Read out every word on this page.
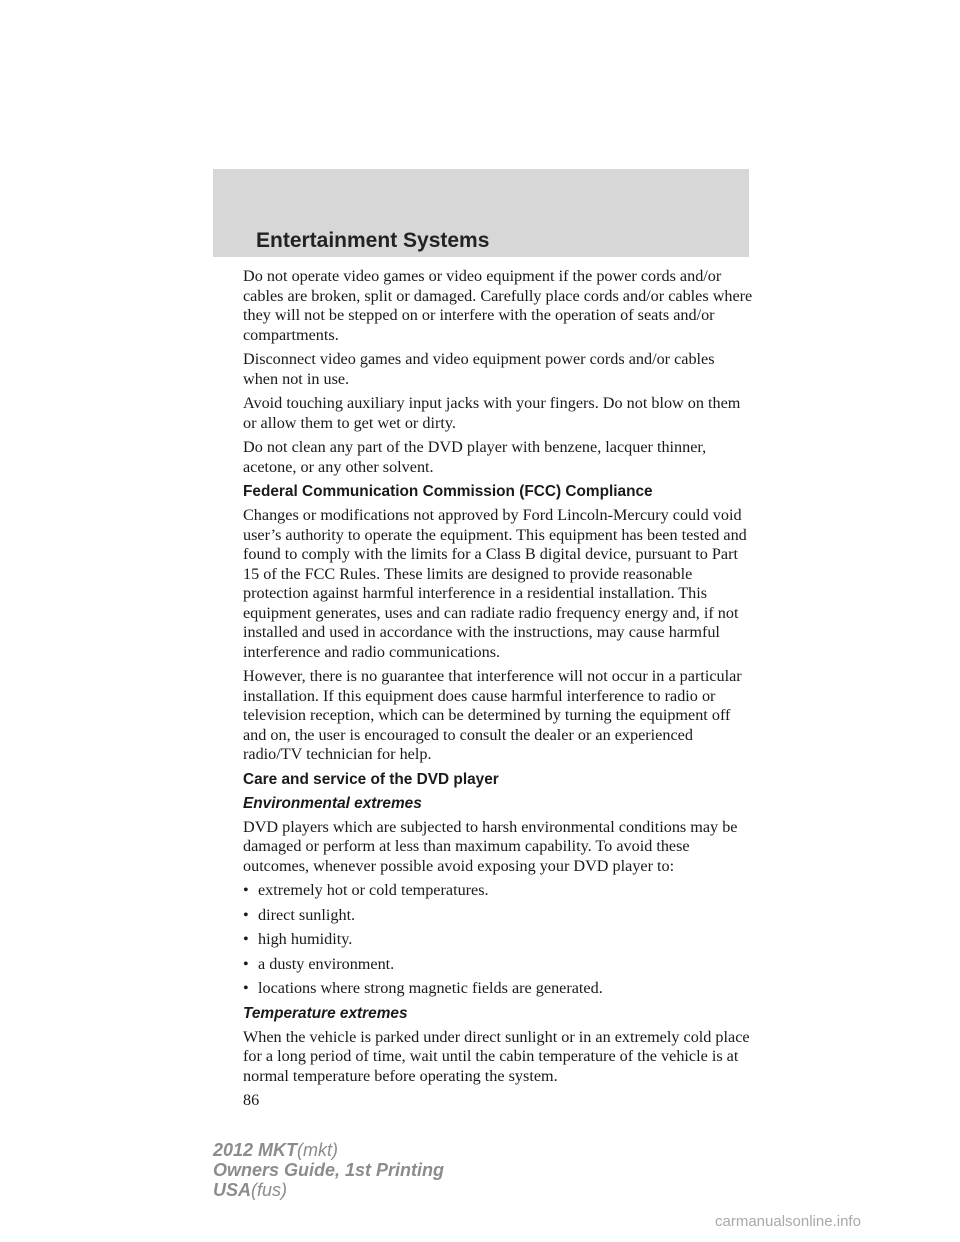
Entertainment Systems

Do not operate video games or video equipment if the power cords and/or cables are broken, split or damaged. Carefully place cords and/or cables where they will not be stepped on or interfere with the operation of seats and/or compartments.

Disconnect video games and video equipment power cords and/or cables when not in use.

Avoid touching auxiliary input jacks with your fingers. Do not blow on them or allow them to get wet or dirty.

Do not clean any part of the DVD player with benzene, lacquer thinner, acetone, or any other solvent.

Federal Communication Commission (FCC) Compliance

Changes or modifications not approved by Ford Lincoln-Mercury could void user’s authority to operate the equipment. This equipment has been tested and found to comply with the limits for a Class B digital device, pursuant to Part 15 of the FCC Rules. These limits are designed to provide reasonable protection against harmful interference in a residential installation. This equipment generates, uses and can radiate radio frequency energy and, if not installed and used in accordance with the instructions, may cause harmful interference and radio communications.

However, there is no guarantee that interference will not occur in a particular installation. If this equipment does cause harmful interference to radio or television reception, which can be determined by turning the equipment off and on, the user is encouraged to consult the dealer or an experienced radio/TV technician for help.

Care and service of the DVD player
Environmental extremes

DVD players which are subjected to harsh environmental conditions may be damaged or perform at less than maximum capability. To avoid these outcomes, whenever possible avoid exposing your DVD player to:

• extremely hot or cold temperatures.
• direct sunlight.
• high humidity.
• a dusty environment.
• locations where strong magnetic fields are generated.
Temperature extremes

When the vehicle is parked under direct sunlight or in an extremely cold place for a long period of time, wait until the cabin temperature of the vehicle is at normal temperature before operating the system.

86
2012 MKT(mkt)
Owners Guide, 1st Printing
USA(fus)
carmanualsonline.info
